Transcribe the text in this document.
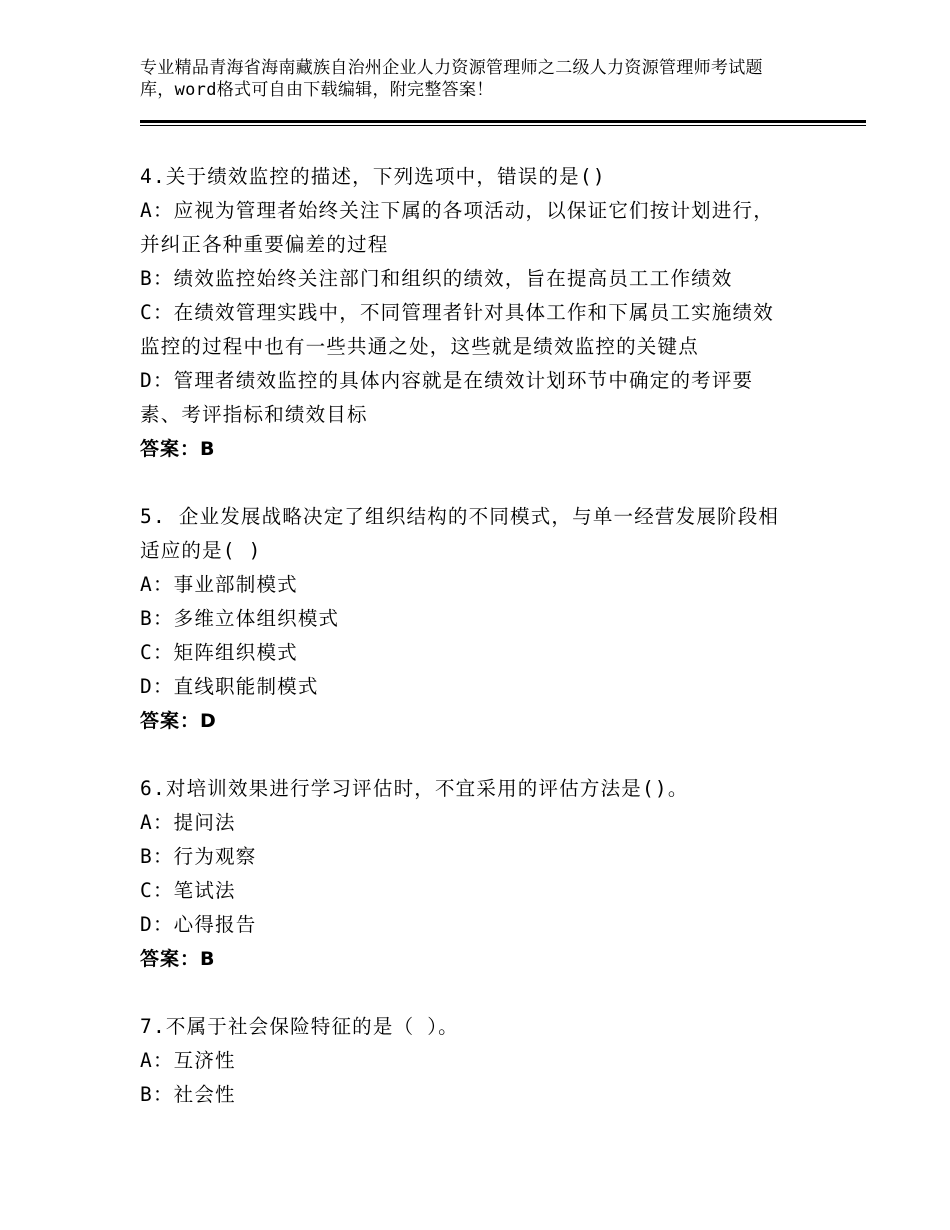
专业精品青海省海南藏族自治州企业人力资源管理师之二级人力资源管理师考试题
库，word格式可自由下载编辑，附完整答案！
4.关于绩效监控的描述，下列选项中，错误的是()
A：应视为管理者始终关注下属的各项活动，以保证它们按计划进行，
并纠正各种重要偏差的过程
B：绩效监控始终关注部门和组织的绩效，旨在提高员工工作绩效
C：在绩效管理实践中，不同管理者针对具体工作和下属员工实施绩效
监控的过程中也有一些共通之处，这些就是绩效监控的关键点
D：管理者绩效监控的具体内容就是在绩效计划环节中确定的考评要
素、考评指标和绩效目标
答案：B
5. 企业发展战略决定了组织结构的不同模式，与单一经营发展阶段相
适应的是( )
A：事业部制模式
B：多维立体组织模式
C：矩阵组织模式
D：直线职能制模式
答案：D
6.对培训效果进行学习评估时，不宜采用的评估方法是()。
A：提问法
B：行为观察
C：笔试法
D：心得报告
答案：B
7.不属于社会保险特征的是（ ）。
A：互济性
B：社会性
